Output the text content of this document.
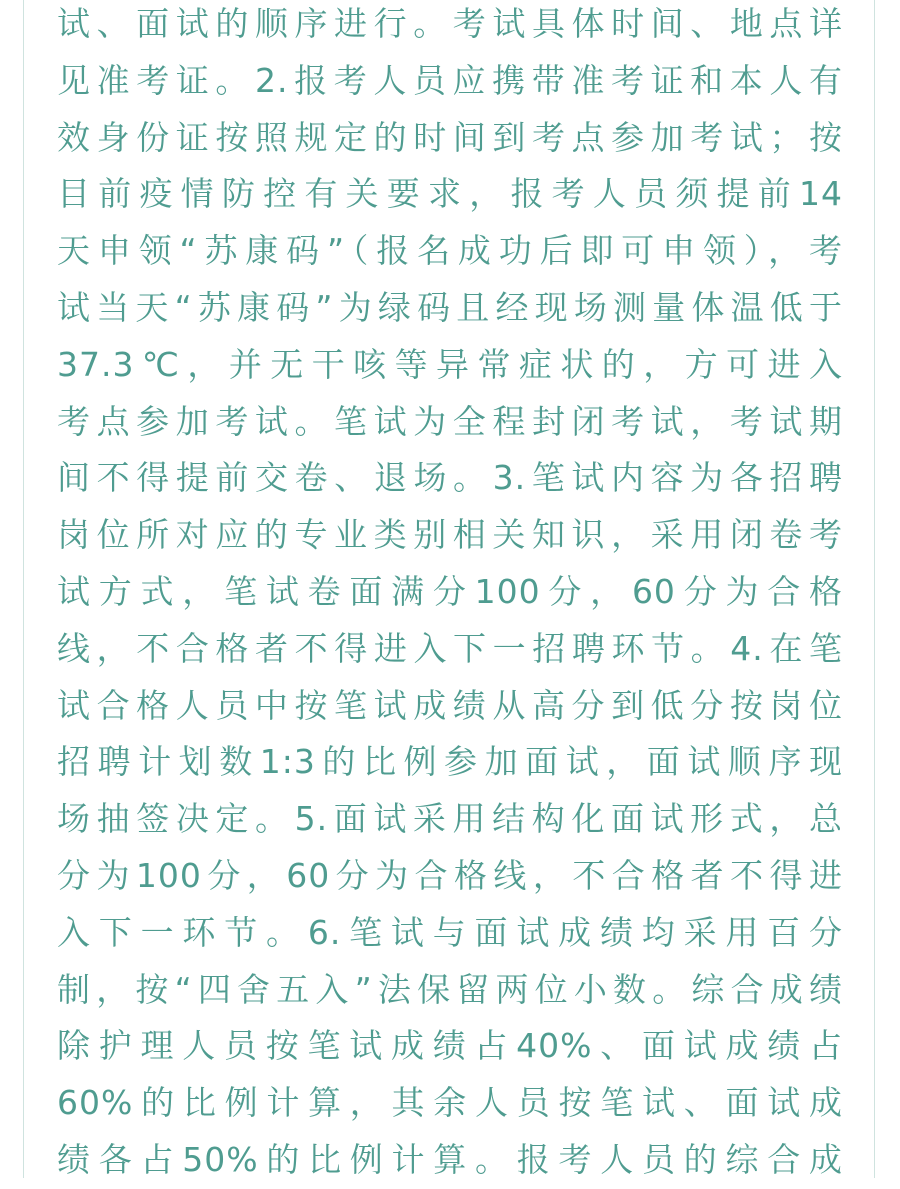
试、面试的顺序进行。考试具体时间、地点详
见准考证。2.报考人员应携带准考证和本人有
效身份证按照规定的时间到考点参加考试；按
目前疫情防控有关要求，报考人员须提前14
天申领“苏康码”（报名成功后即可申领），考
试当天“苏康码”为绿码且经现场测量体温低于
37.3℃，并无干咳等异常症状的，方可进入
考点参加考试。笔试为全程封闭考试，考试期
间不得提前交卷、退场。3.笔试内容为各招聘
岗位所对应的专业类别相关知识，采用闭卷考
试方式，笔试卷面满分100分，60分为合格
线，不合格者不得进入下一招聘环节。4.在笔
试合格人员中按笔试成绩从高分到低分按岗位
招聘计划数1:3的比例参加面试，面试顺序现
场抽签决定。5.面试采用结构化面试形式，总
分为100分，60分为合格线，不合格者不得进
入下一环节。6.笔试与面试成绩均采用百分
制，按“四舍五入”法保留两位小数。综合成绩
除护理人员按笔试成绩占40%、面试成绩占
60%的比例计算，其余人员按笔试、面试成
绩各占50%的比例计算。报考人员的综合成
